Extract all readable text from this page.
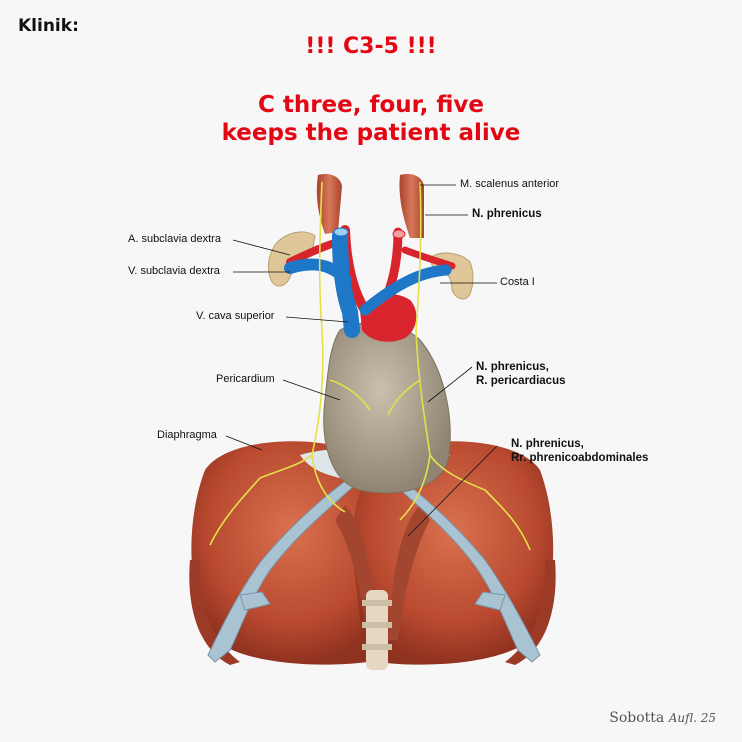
Klinik:
!!! C3-5 !!!
C three, four, five
keeps the patient alive
M. scalenus anterior
N. phrenicus
A. subclavia dextra
V. subclavia dextra
Costa I
V. cava superior
N. phrenicus,
R. pericardiacus
Pericardium
Diaphragma
N. phrenicus,
Rr. phrenicoabdominales
Sobotta Aufl. 25
